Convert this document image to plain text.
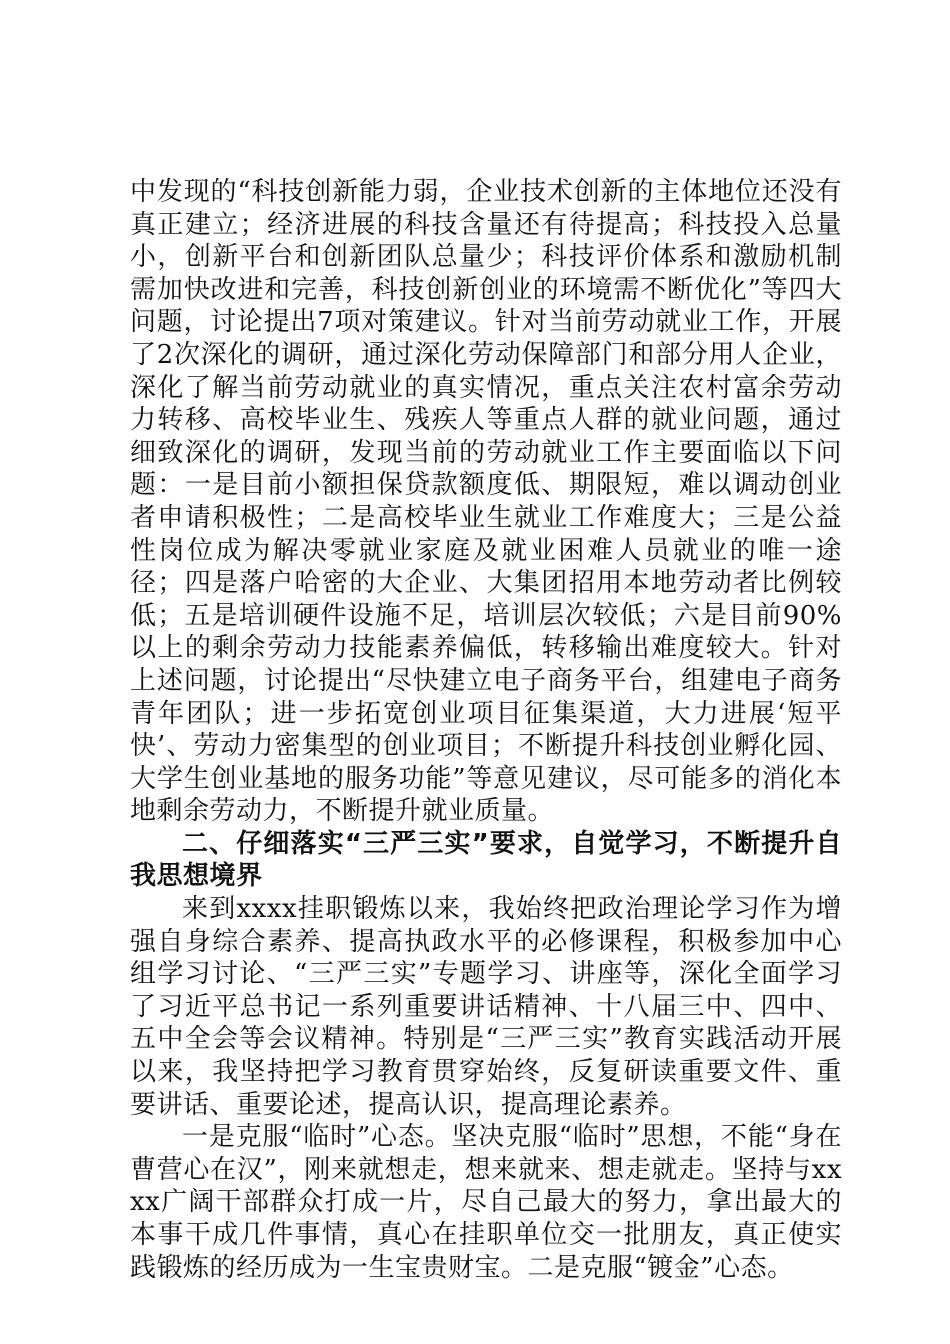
中发现的“科技创新能力弱，企业技术创新的主体地位还没有真正建立；经济进展的科技含量还有待提高；科技投入总量小，创新平台和创新团队总量少；科技评价体系和激励机制需加快改进和完善，科技创新创业的环境需不断优化”等四大问题，讨论提出7项对策建议。针对当前劳动就业工作，开展了2次深化的调研，通过深化劳动保障部门和部分用人企业，深化了解当前劳动就业的真实情况，重点关注农村富余劳动力转移、高校毕业生、残疾人等重点人群的就业问题，通过细致深化的调研，发现当前的劳动就业工作主要面临以下问题：一是目前小额担保贷款额度低、期限短，难以调动创业者申请积极性；二是高校毕业生就业工作难度大；三是公益性岗位成为解决零就业家庭及就业困难人员就业的唯一途径；四是落户哈密的大企业、大集团招用本地劳动者比例较低；五是培训硬件设施不足，培训层次较低；六是目前90%以上的剩余劳动力技能素养偏低，转移输出难度较大。针对上述问题，讨论提出“尽快建立电子商务平台，组建电子商务青年团队；进一步拓宽创业项目征集渠道，大力进展‘短平快’、劳动力密集型的创业项目；不断提升科技创业孵化园、大学生创业基地的服务功能”等意见建议，尽可能多的消化本地剩余劳动力，不断提升就业质量。

二、仔细落实“三严三实”要求，自觉学习，不断提升自我思想境界

来到xxxx挂职锻炼以来，我始终把政治理论学习作为增强自身综合素养、提高执政水平的必修课程，积极参加中心组学习讨论、“三严三实”专题学习、讲座等，深化全面学习了习近平总书记一系列重要讲话精神、十八届三中、四中、五中全会等会议精神。特别是“三严三实”教育实践活动开展以来，我坚持把学习教育贯穿始终，反复研读重要文件、重要讲话、重要论述，提高认识，提高理论素养。

一是克服“临时”心态。坚决克服“临时”思想，不能“身在曹营心在汉”，刚来就想走，想来就来、想走就走。坚持与xxxx广阔干部群众打成一片，尽自己最大的努力，拿出最大的本事干成几件事情，真心在挂职单位交一批朋友，真正使实践锻炼的经历成为一生宝贵财宝。二是克服“镀金”心态。
